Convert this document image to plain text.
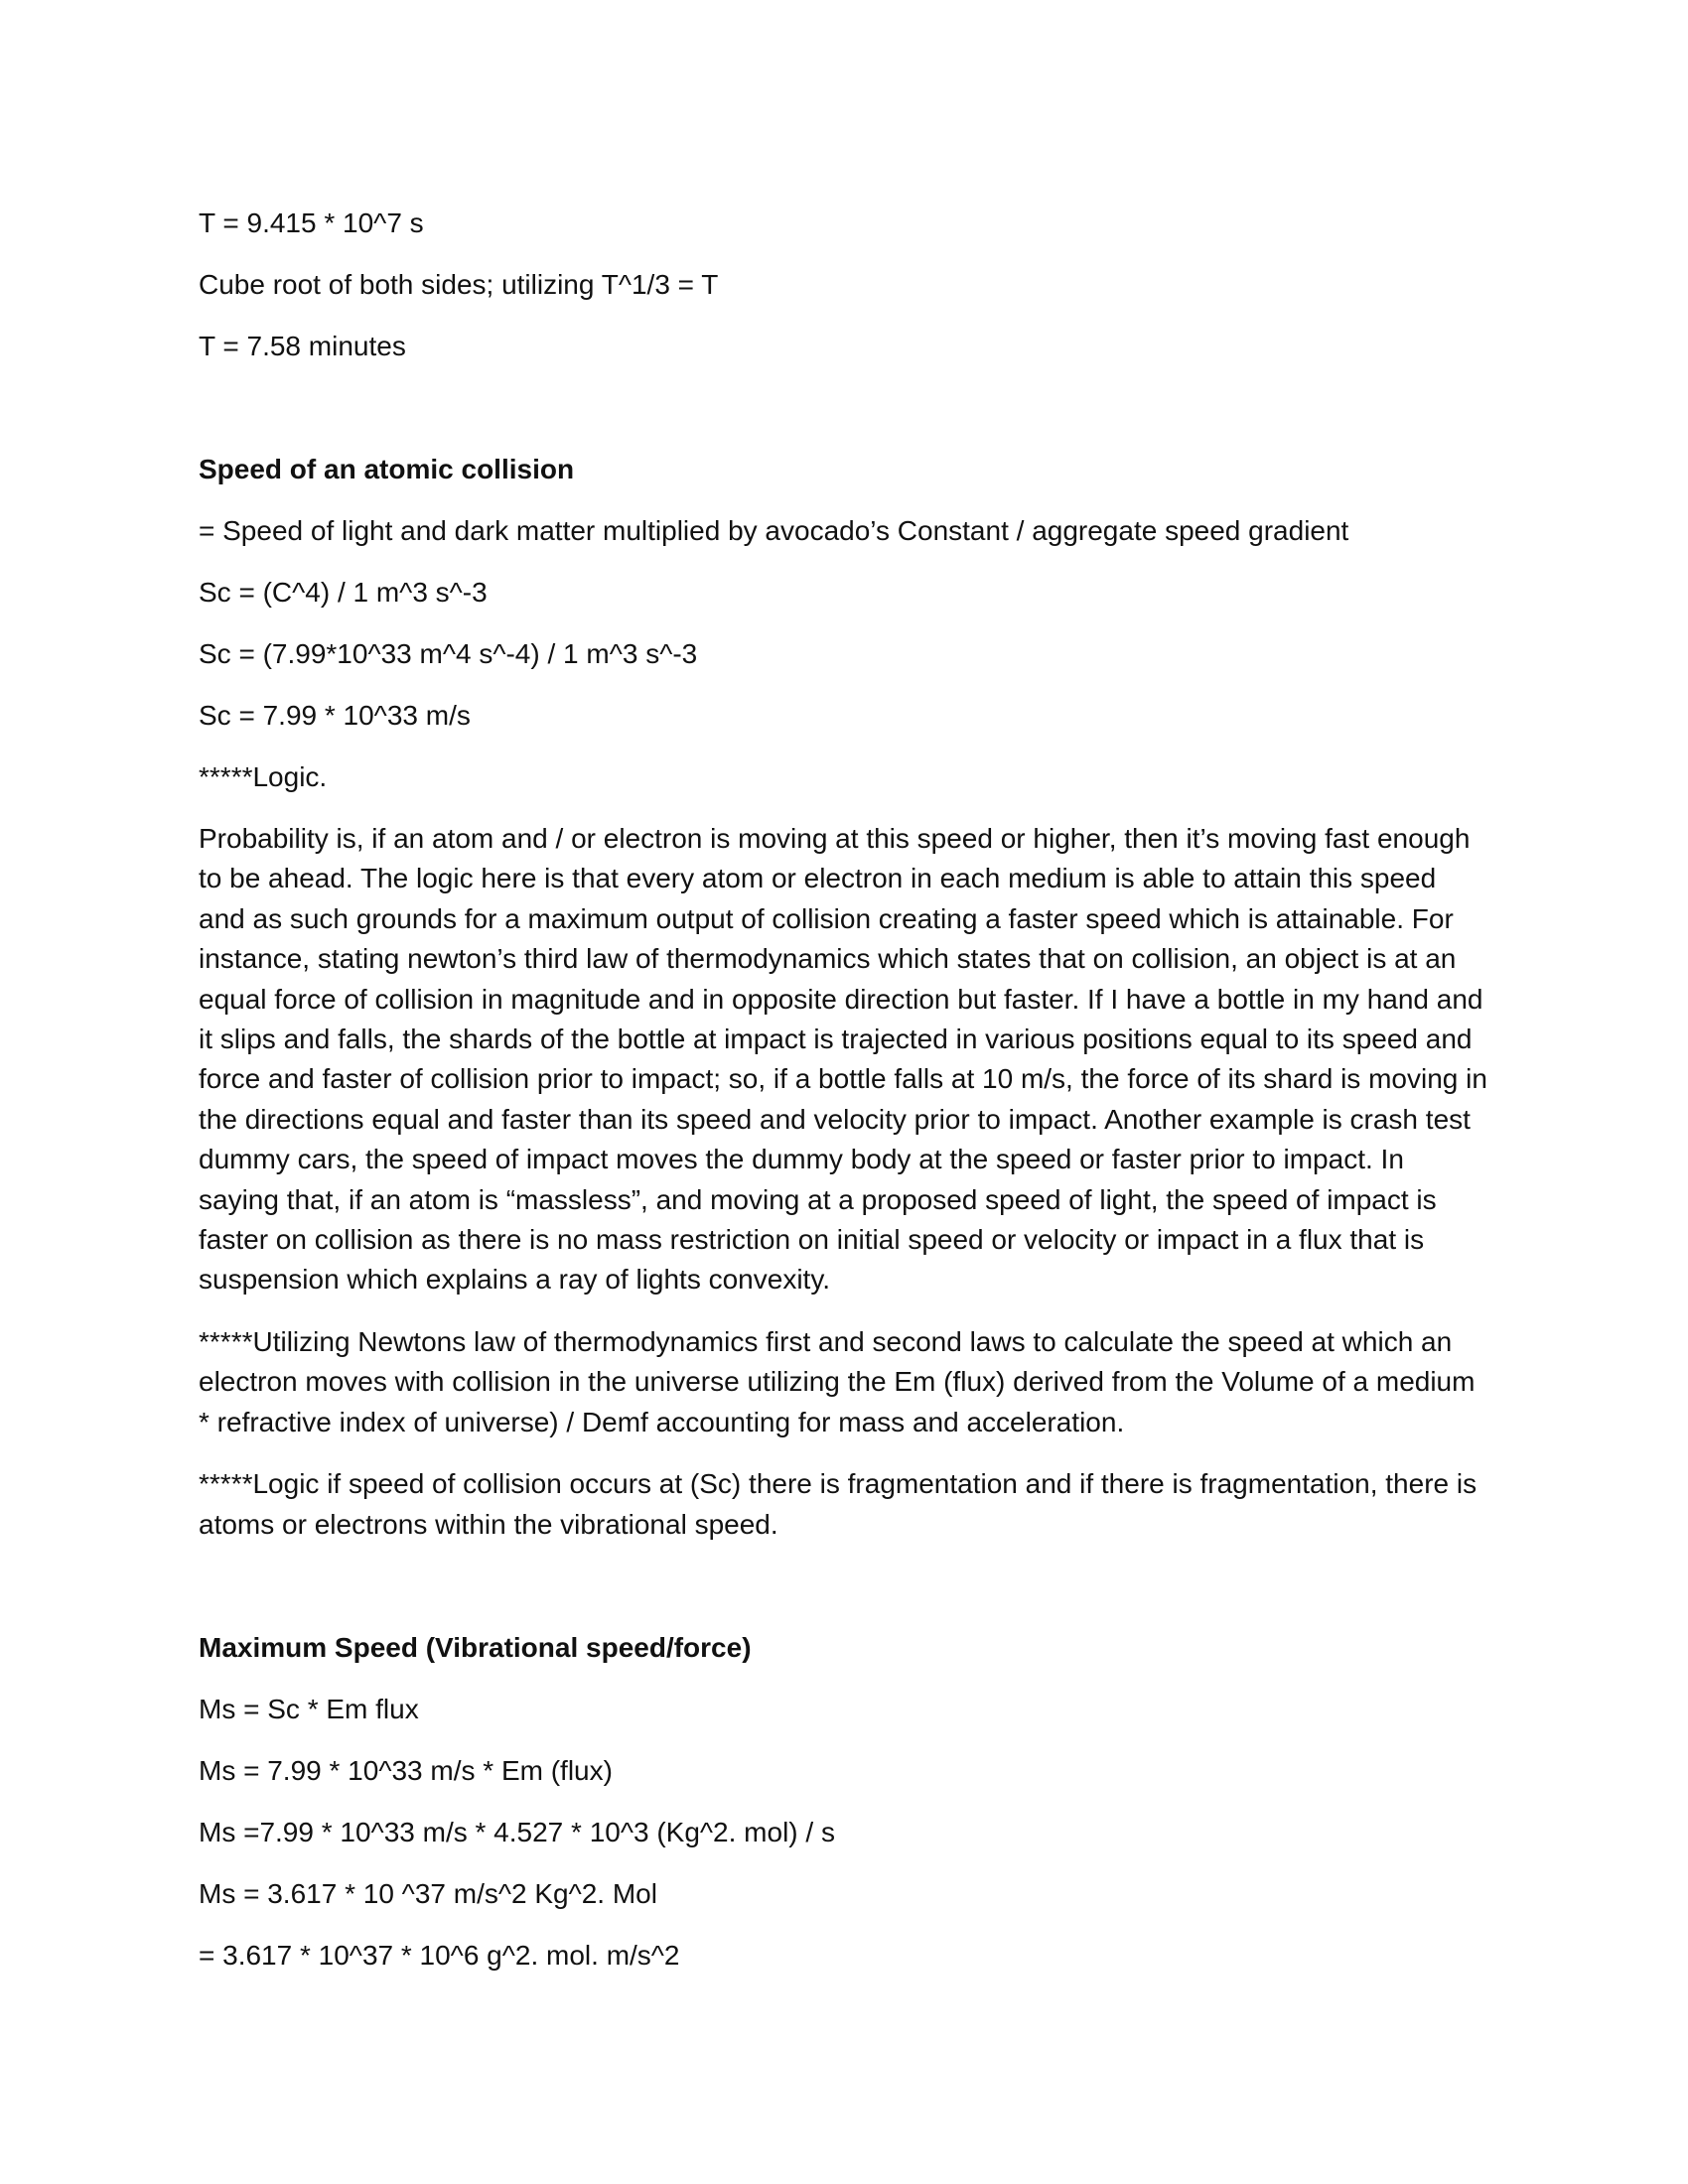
T = 9.415 * 10^7 s
Cube root of both sides; utilizing T^1/3 = T
T = 7.58 minutes
Speed of an atomic collision
= Speed of light and dark matter multiplied by avocado’s Constant / aggregate speed gradient
Sc = (C^4) / 1 m^3 s^-3
Sc = (7.99*10^33 m^4 s^-4) / 1 m^3 s^-3
Sc = 7.99 * 10^33 m/s
*****Logic.
Probability is, if an atom and / or electron is moving at this speed or higher, then it’s moving fast enough to be ahead. The logic here is that every atom or electron in each medium is able to attain this speed and as such grounds for a maximum output of collision creating a faster speed which is attainable. For instance, stating newton’s third law of thermodynamics which states that on collision, an object is at an equal force of collision in magnitude and in opposite direction but faster. If I have a bottle in my hand and it slips and falls, the shards of the bottle at impact is trajected in various positions equal to its speed and force and faster of collision prior to impact; so, if a bottle falls at 10 m/s, the force of its shard is moving in the directions equal and faster than its speed and velocity prior to impact. Another example is crash test dummy cars, the speed of impact moves the dummy body at the speed or faster prior to impact. In saying that, if an atom is “massless”, and moving at a proposed speed of light, the speed of impact is faster on collision as there is no mass restriction on initial speed or velocity or impact in a flux that is suspension which explains a ray of lights convexity.
*****Utilizing Newtons law of thermodynamics first and second laws to calculate the speed at which an electron moves with collision in the universe utilizing the Em (flux) derived from the Volume of a medium * refractive index of universe) / Demf accounting for mass and acceleration.
*****Logic if speed of collision occurs at (Sc) there is fragmentation and if there is fragmentation, there is atoms or electrons within the vibrational speed.
Maximum Speed (Vibrational speed/force)
Ms = Sc * Em flux
Ms = 7.99 * 10^33 m/s * Em (flux)
Ms =7.99 * 10^33 m/s * 4.527 * 10^3 (Kg^2. mol) / s
Ms = 3.617 * 10 ^37 m/s^2 Kg^2. Mol
= 3.617 * 10^37 * 10^6 g^2. mol. m/s^2
